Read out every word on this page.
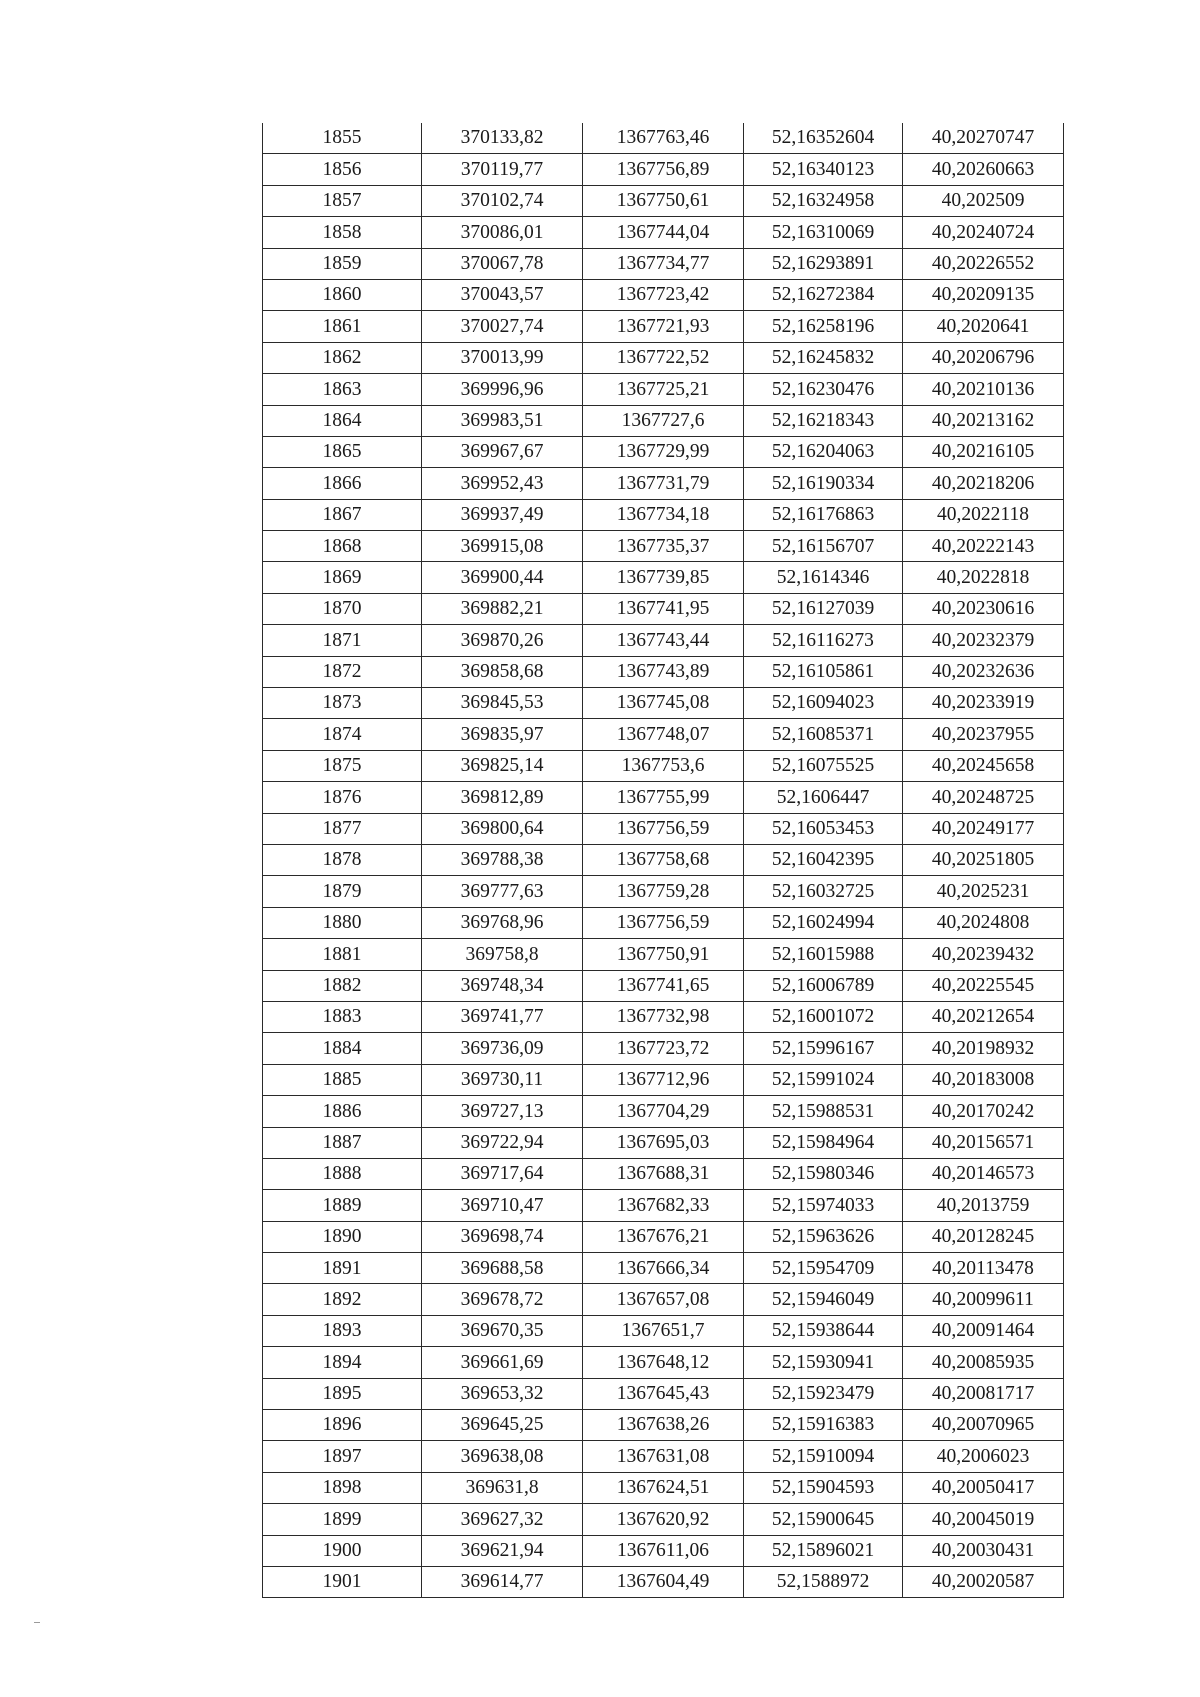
1855	370133,82	1367763,46	52,16352604	40,20270747
1856	370119,77	1367756,89	52,16340123	40,20260663
1857	370102,74	1367750,61	52,16324958	40,202509
1858	370086,01	1367744,04	52,16310069	40,20240724
1859	370067,78	1367734,77	52,16293891	40,20226552
1860	370043,57	1367723,42	52,16272384	40,20209135
1861	370027,74	1367721,93	52,16258196	40,2020641
1862	370013,99	1367722,52	52,16245832	40,20206796
1863	369996,96	1367725,21	52,16230476	40,20210136
1864	369983,51	1367727,6	52,16218343	40,20213162
1865	369967,67	1367729,99	52,16204063	40,20216105
1866	369952,43	1367731,79	52,16190334	40,20218206
1867	369937,49	1367734,18	52,16176863	40,2022118
1868	369915,08	1367735,37	52,16156707	40,20222143
1869	369900,44	1367739,85	52,1614346	40,2022818
1870	369882,21	1367741,95	52,16127039	40,20230616
1871	369870,26	1367743,44	52,16116273	40,20232379
1872	369858,68	1367743,89	52,16105861	40,20232636
1873	369845,53	1367745,08	52,16094023	40,20233919
1874	369835,97	1367748,07	52,16085371	40,20237955
1875	369825,14	1367753,6	52,16075525	40,20245658
1876	369812,89	1367755,99	52,1606447	40,20248725
1877	369800,64	1367756,59	52,16053453	40,20249177
1878	369788,38	1367758,68	52,16042395	40,20251805
1879	369777,63	1367759,28	52,16032725	40,2025231
1880	369768,96	1367756,59	52,16024994	40,2024808
1881	369758,8	1367750,91	52,16015988	40,20239432
1882	369748,34	1367741,65	52,16006789	40,20225545
1883	369741,77	1367732,98	52,16001072	40,20212654
1884	369736,09	1367723,72	52,15996167	40,20198932
1885	369730,11	1367712,96	52,15991024	40,20183008
1886	369727,13	1367704,29	52,15988531	40,20170242
1887	369722,94	1367695,03	52,15984964	40,20156571
1888	369717,64	1367688,31	52,15980346	40,20146573
1889	369710,47	1367682,33	52,15974033	40,2013759
1890	369698,74	1367676,21	52,15963626	40,20128245
1891	369688,58	1367666,34	52,15954709	40,20113478
1892	369678,72	1367657,08	52,15946049	40,20099611
1893	369670,35	1367651,7	52,15938644	40,20091464
1894	369661,69	1367648,12	52,15930941	40,20085935
1895	369653,32	1367645,43	52,15923479	40,20081717
1896	369645,25	1367638,26	52,15916383	40,20070965
1897	369638,08	1367631,08	52,15910094	40,2006023
1898	369631,8	1367624,51	52,15904593	40,20050417
1899	369627,32	1367620,92	52,15900645	40,20045019
1900	369621,94	1367611,06	52,15896021	40,20030431
1901	369614,77	1367604,49	52,1588972	40,20020587
